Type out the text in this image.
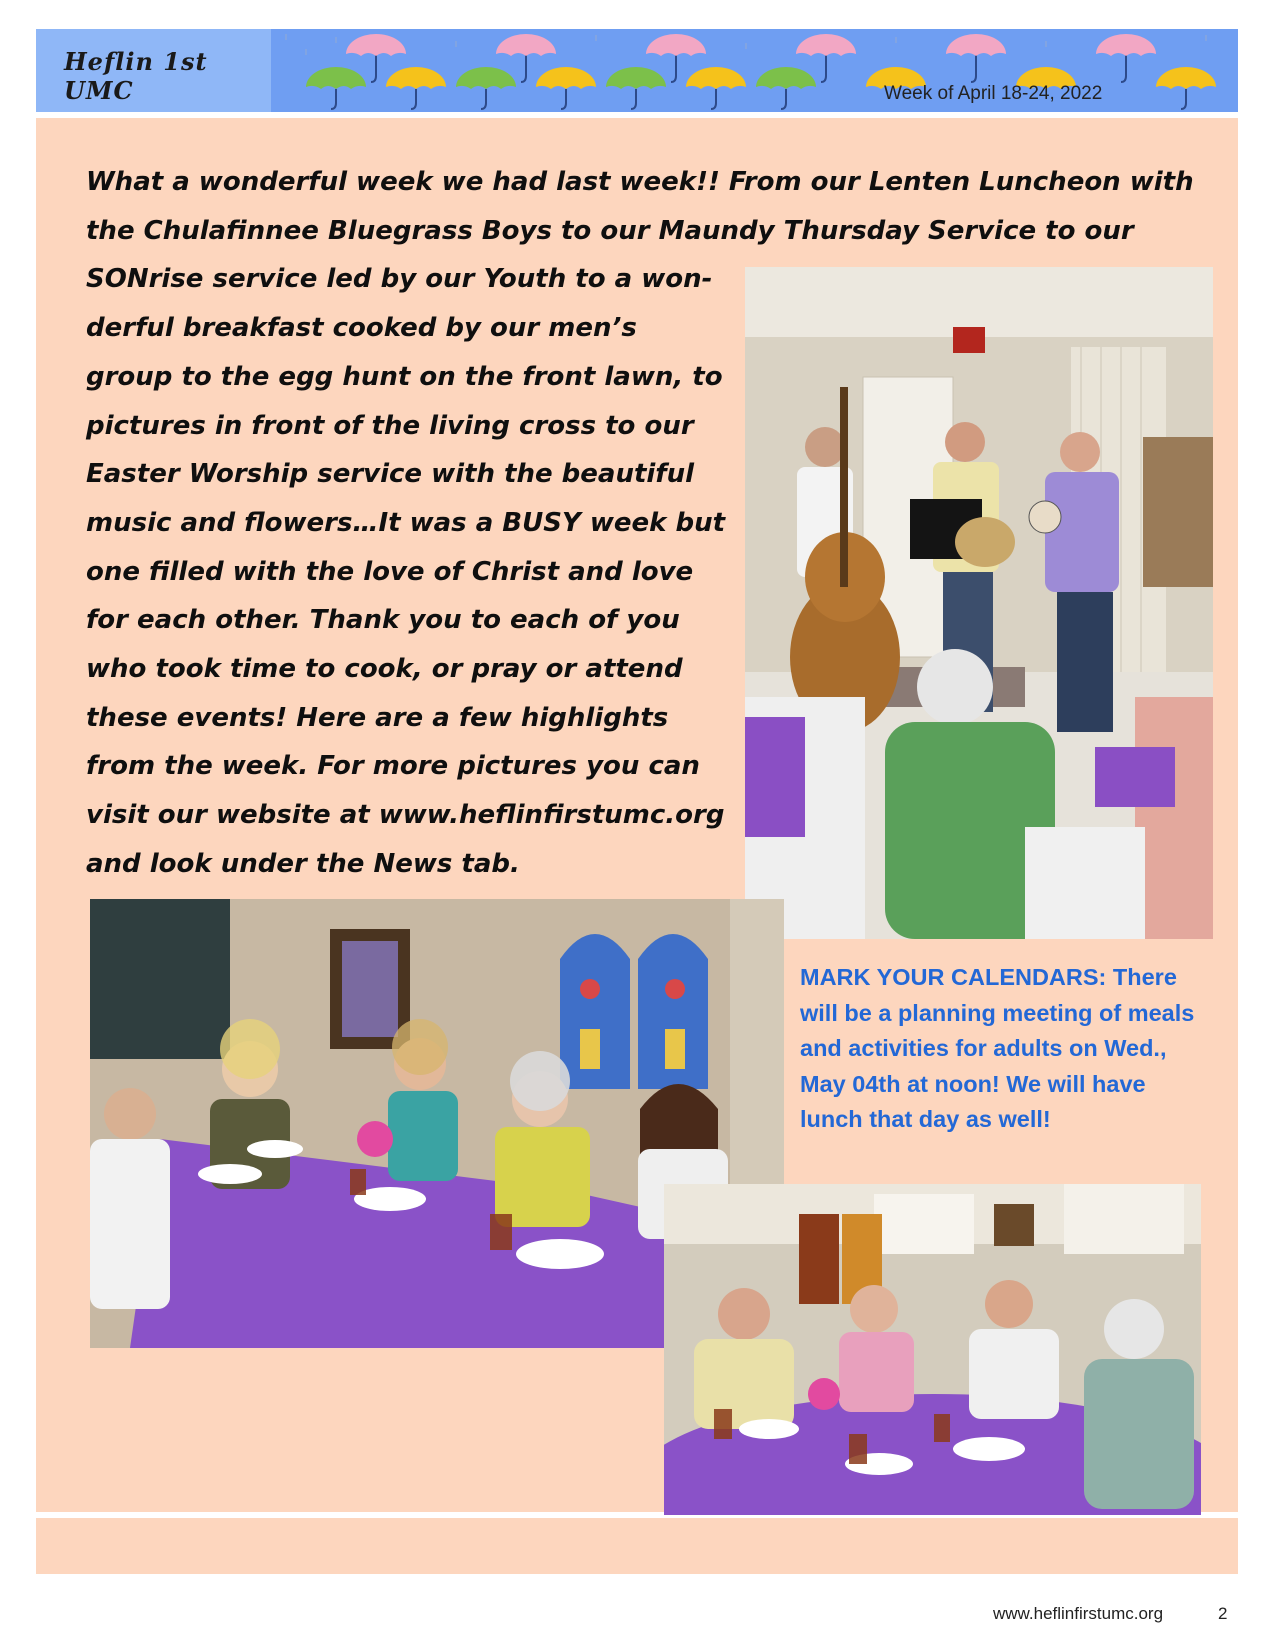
Heflin 1st UMC	Week of April 18-24, 2022

What a wonderful week we had last week!! From our Lenten Luncheon with
the Chulafinnee Bluegrass Boys to our Maundy Thursday Service to our
SONrise service led by our Youth to a won-
derful breakfast cooked by our men’s
group to the egg hunt on the front lawn, to
pictures in front of the living cross to our
Easter Worship service with the beautiful
music and flowers…It was a BUSY week but
one filled with the love of Christ and love
for each other. Thank you to each of you
who took time to cook, or pray or attend
these events! Here are a few highlights
from the week. For more pictures you can
visit our website at www.heflinfirstumc.org
and look under the News tab.

MARK YOUR CALENDARS: There will be a planning meeting of meals and activities for adults on Wed., May 04th at noon! We will have lunch that day as well!

www.heflinfirstumc.org	2
